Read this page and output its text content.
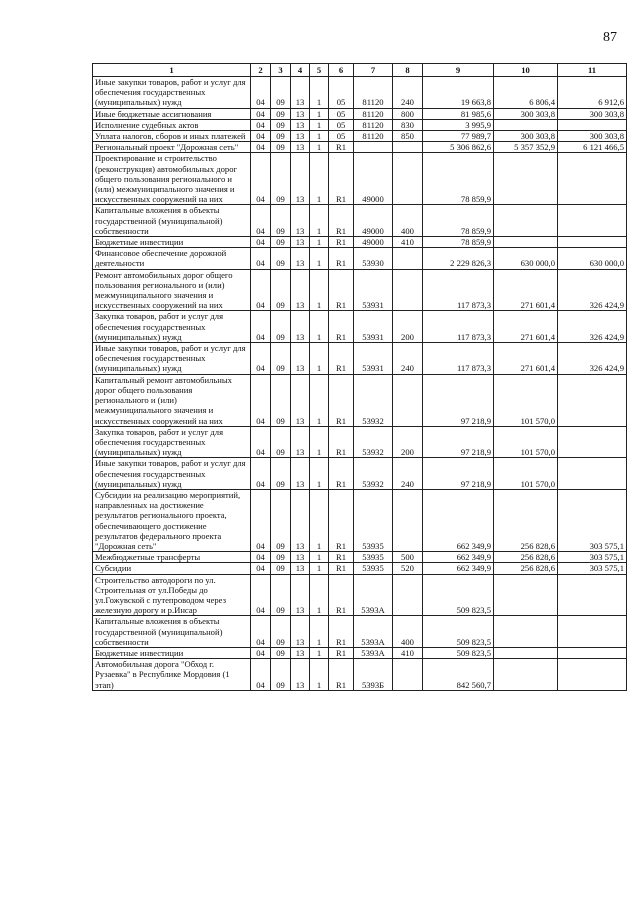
87
1	2	3	4	5	6	7	8	9	10	11
Иные закупки товаров, работ и услуг для обеспечения государственных (муниципальных) нужд	04	09	13	1	05	81120	240	19 663,8	6 806,4	6 912,6
Иные бюджетные ассигнования	04	09	13	1	05	81120	800	81 985,6	300 303,8	300 303,8
Исполнение судебных актов	04	09	13	1	05	81120	830	3 995,9		
Уплата налогов, сборов и иных платежей	04	09	13	1	05	81120	850	77 989,7	300 303,8	300 303,8
Региональный проект "Дорожная сеть"	04	09	13	1	R1			5 306 862,6	5 357 352,9	6 121 466,5
Проектирование и строительство (реконструкция) автомобильных дорог общего пользования регионального и (или) межмуниципального значения и искусственных сооружений на них	04	09	13	1	R1	49000		78 859,9		
Капитальные вложения в объекты государственной (муниципальной) собственности	04	09	13	1	R1	49000	400	78 859,9		
Бюджетные инвестиции	04	09	13	1	R1	49000	410	78 859,9		
Финансовое обеспечение дорожной деятельности	04	09	13	1	R1	53930		2 229 826,3	630 000,0	630 000,0
Ремонт автомобильных дорог общего пользования регионального и (или) межмуниципального значения и искусственных сооружений на них	04	09	13	1	R1	53931		117 873,3	271 601,4	326 424,9
Закупка товаров, работ и услуг для обеспечения государственных (муниципальных) нужд	04	09	13	1	R1	53931	200	117 873,3	271 601,4	326 424,9
Иные закупки товаров, работ и услуг для обеспечения государственных (муниципальных) нужд	04	09	13	1	R1	53931	240	117 873,3	271 601,4	326 424,9
Капитальный ремонт автомобильных дорог общего пользования регионального и (или) межмуниципального значения и искусственных сооружений на них	04	09	13	1	R1	53932		97 218,9	101 570,0	
Закупка товаров, работ и услуг для обеспечения государственных (муниципальных) нужд	04	09	13	1	R1	53932	200	97 218,9	101 570,0	
Иные закупки товаров, работ и услуг для обеспечения государственных (муниципальных) нужд	04	09	13	1	R1	53932	240	97 218,9	101 570,0	
Субсидии на реализацию мероприятий, направленных на достижение результатов регионального проекта, обеспечивающего достижение результатов федерального проекта "Дорожная сеть"	04	09	13	1	R1	53935		662 349,9	256 828,6	303 575,1
Межбюджетные трансферты	04	09	13	1	R1	53935	500	662 349,9	256 828,6	303 575,1
Субсидии	04	09	13	1	R1	53935	520	662 349,9	256 828,6	303 575,1
Строительство автодороги по ул. Строительная от ул.Победы до ул.Гожувской с путепроводом через железную дорогу и р.Инсар	04	09	13	1	R1	5393А		509 823,5		
Капитальные вложения в объекты государственной (муниципальной) собственности	04	09	13	1	R1	5393А	400	509 823,5		
Бюджетные инвестиции	04	09	13	1	R1	5393А	410	509 823,5		
Автомобильная дорога "Обход г. Рузаевка" в Республике Мордовия (1 этап)	04	09	13	1	R1	5393Б		842 560,7		
